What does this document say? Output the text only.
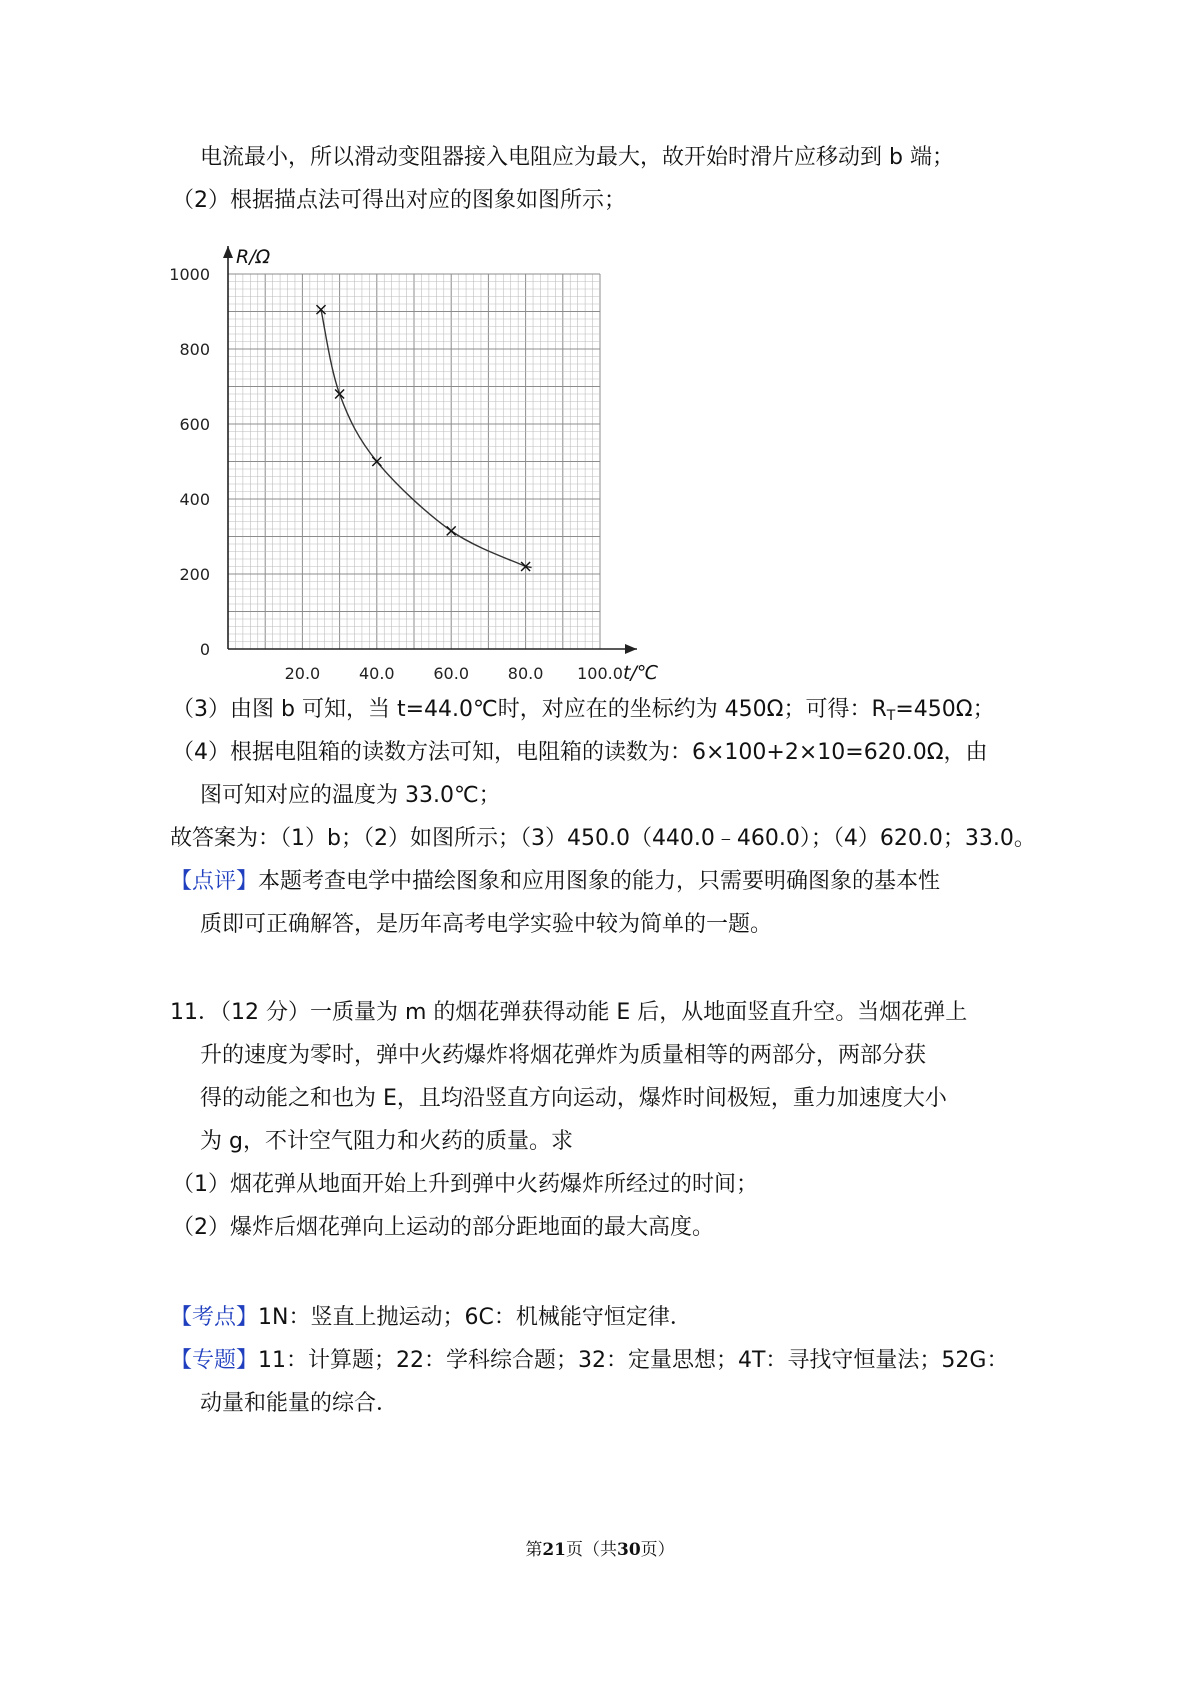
电流最小，所以滑动变阻器接入电阻应为最大，故开始时滑片应移动到 b 端；
（2）根据描点法可得出对应的图象如图所示；
0
200
400
600
800
1000
20.0 40.0 60.0 80.0 100.0
R/Ω
t/℃
（3）由图 b 可知，当 t=44.0℃时，对应在的坐标约为 450Ω；可得：$R_T=450\Omega$；
（4）根据电阻箱的读数方法可知，电阻箱的读数为：6×100+2×10=620.0Ω，由
图可知对应的温度为 33.0℃；
故答案为：（1）b；（2）如图所示；（3）450.0（440.0﹣460.0）；（4）620.0；33.0。
【点评】本题考查电学中描绘图象和应用图象的能力，只需要明确图象的基本性
质即可正确解答，是历年高考电学实验中较为简单的一题。
11．（12 分）一质量为 m 的烟花弹获得动能 E 后，从地面竖直升空。当烟花弹上
升的速度为零时，弹中火药爆炸将烟花弹炸为质量相等的两部分，两部分获
得的动能之和也为 E，且均沿竖直方向运动，爆炸时间极短，重力加速度大小
为 g，不计空气阻力和火药的质量。求
（1）烟花弹从地面开始上升到弹中火药爆炸所经过的时间；
（2）爆炸后烟花弹向上运动的部分距地面的最大高度。
【考点】1N：竖直上抛运动；6C：机械能守恒定律．
【专题】11：计算题；22：学科综合题；32：定量思想；4T：寻找守恒量法；52G：
动量和能量的综合．
第21页（共30页）
